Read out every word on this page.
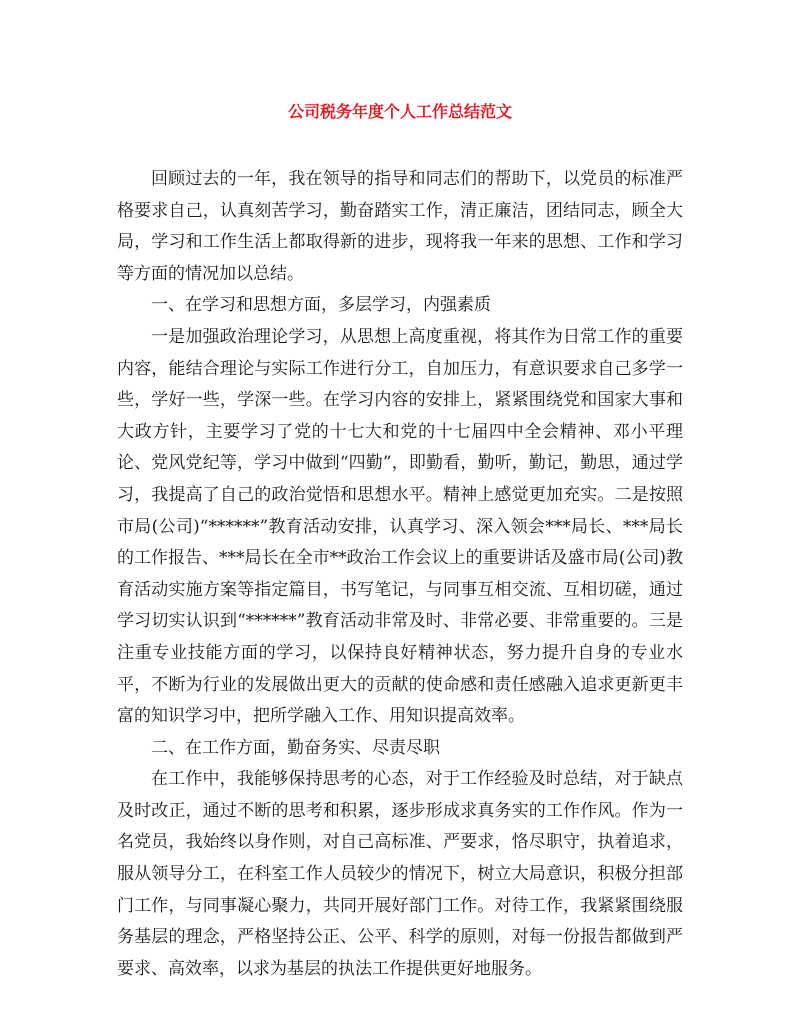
公司税务年度个人工作总结范文

回顾过去的一年，我在领导的指导和同志们的帮助下，以党员的标准严格要求自己，认真刻苦学习，勤奋踏实工作，清正廉洁，团结同志，顾全大局，学习和工作生活上都取得新的进步，现将我一年来的思想、工作和学习等方面的情况加以总结。

一、在学习和思想方面，多层学习，内强素质

一是加强政治理论学习，从思想上高度重视，将其作为日常工作的重要内容，能结合理论与实际工作进行分工，自加压力，有意识要求自己多学一些，学好一些，学深一些。在学习内容的安排上，紧紧围绕党和国家大事和大政方针，主要学习了党的十七大和党的十七届四中全会精神、邓小平理论、党风党纪等，学习中做到“四勤”，即勤看，勤听，勤记，勤思，通过学习，我提高了自己的政治觉悟和思想水平。精神上感觉更加充实。二是按照市局(公司)“******”教育活动安排，认真学习、深入领会***局长、***局长的工作报告、***局长在全市**政治工作会议上的重要讲话及盛市局(公司)教育活动实施方案等指定篇目，书写笔记，与同事互相交流、互相切磋，通过学习切实认识到“******”教育活动非常及时、非常必要、非常重要的。三是注重专业技能方面的学习，以保持良好精神状态，努力提升自身的专业水平，不断为行业的发展做出更大的贡献的使命感和责任感融入追求更新更丰富的知识学习中，把所学融入工作、用知识提高效率。

二、在工作方面，勤奋务实、尽责尽职

在工作中，我能够保持思考的心态，对于工作经验及时总结，对于缺点及时改正，通过不断的思考和积累，逐步形成求真务实的工作作风。作为一名党员，我始终以身作则，对自己高标准、严要求，恪尽职守，执着追求，服从领导分工，在科室工作人员较少的情况下，树立大局意识，积极分担部门工作，与同事凝心聚力，共同开展好部门工作。对待工作，我紧紧围绕服务基层的理念，严格坚持公正、公平、科学的原则，对每一份报告都做到严要求、高效率，以求为基层的执法工作提供更好地服务。
